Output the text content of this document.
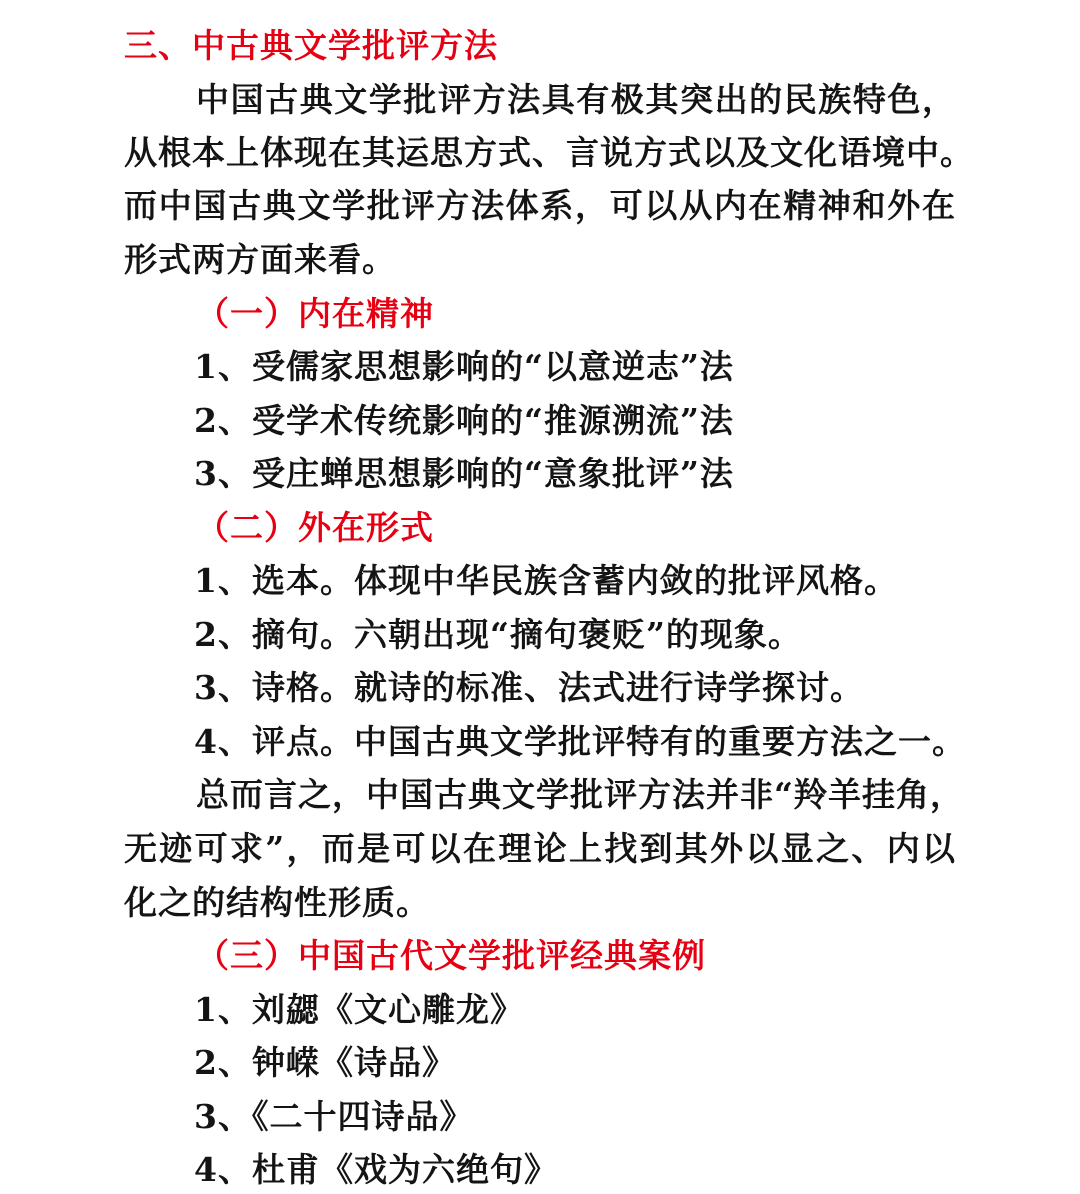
三、中古典文学批评方法
中国古典文学批评方法具有极其突出的民族特色，
从根本上体现在其运思方式、言说方式以及文化语境中。
而中国古典文学批评方法体系，可以从内在精神和外在
形式两方面来看。
（一）内在精神
1、受儒家思想影响的“以意逆志”法
2、受学术传统影响的“推源溯流”法
3、受庄蝉思想影响的“意象批评”法
（二）外在形式
1、选本。体现中华民族含蓄内敛的批评风格。
2、摘句。六朝出现“摘句褒贬”的现象。
3、诗格。就诗的标准、法式进行诗学探讨。
4、评点。中国古典文学批评特有的重要方法之一。
总而言之，中国古典文学批评方法并非“羚羊挂角，
无迹可求”，而是可以在理论上找到其外以显之、内以
化之的结构性形质。
（三）中国古代文学批评经典案例
1、刘勰《文心雕龙》
2、钟嵘《诗品》
3、《二十四诗品》
4、杜甫《戏为六绝句》
